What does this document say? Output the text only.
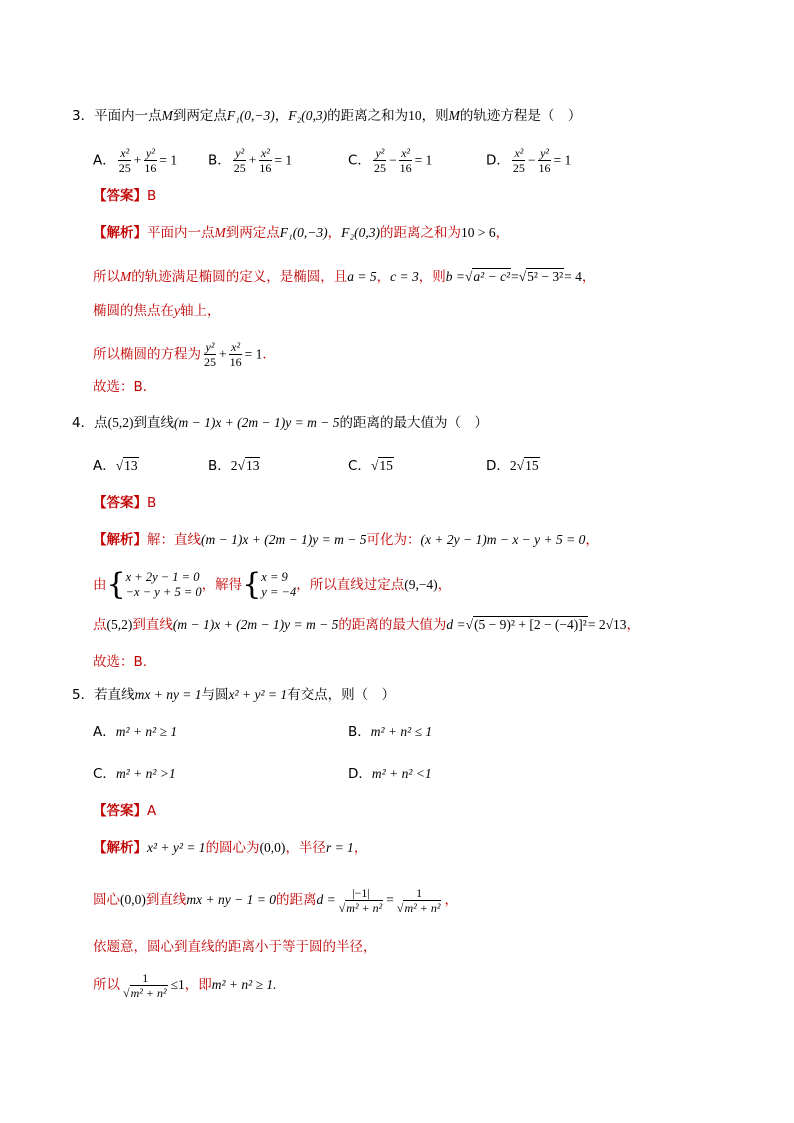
3．平面内一点M到两定点F₁(0,−3)，F₂(0,3)的距离之和为10，则M的轨迹方程是（　）
A． $\frac{\text{x²}}{25} + \frac{\text{y²}}{16} = 1$ B． $\frac{\text{y²}}{25} + \frac{\text{x²}}{16} = 1$	C． $\frac{\text{y²}}{25} - \frac{\text{x²}}{16} = 1$	D． $\frac{\text{x²}}{25} - \frac{\text{y²}}{16} = 1$
【答案】B
【解析】平面内一点M到两定点F₁(0,−3)，F₂(0,3)的距离之和为10 > 6，
所以M的轨迹满足椭圆的定义，是椭圆，且a = 5，c = 3，则b =√a² − c²=√5² − 3²= 4，
椭圆的焦点在y轴上，
所以椭圆的方程为 $\frac{\text{y²}}{25} + \frac{\text{x²}}{16} = 1$．
故选：B．
4．点(5,2)到直线(m − 1)x + (2m − 1)y = m − 5的距离的最大值为（　）
A．√13	B．2√13	C．√15	D．2√15
【答案】B
【解析】解：直线(m − 1)x + (2m − 1)y = m − 5可化为：(x + 2y − 1)m − x − y + 5 = 0，
由 { x + 2y − 1 = 0
−x − y + 5 = 0 ，解得 { x = 9
y = −4 ，所以直线过定点(9,−4)，
点(5,2)到直线(m − 1)x + (2m − 1)y = m − 5的距离的最大值为d =√(5 − 9)² + [2 − (−4)]²= 2√13，
故选：B.
5．若直线mx + ny = 1与圆x² + y² = 1有交点，则（　）
A．m² + n² ≥ 1	B．m² + n² ≤ 1
C．m² + n² >1	D．m² + n² <1
【答案】A
【解析】x² + y² = 1的圆心为(0,0)，半径r = 1，
圆心(0,0)到直线mx + ny − 1 = 0的距离$d = \frac{|-1|}{\text{√m² + n²}} = \frac{1}{\text{√m² + n²}}$ ，
依题意，圆心到直线的距离小于等于圆的半径，
所以 $\frac{1}{\text{√m² + n²}} \le 1$，即m² + n² ≥ 1.
